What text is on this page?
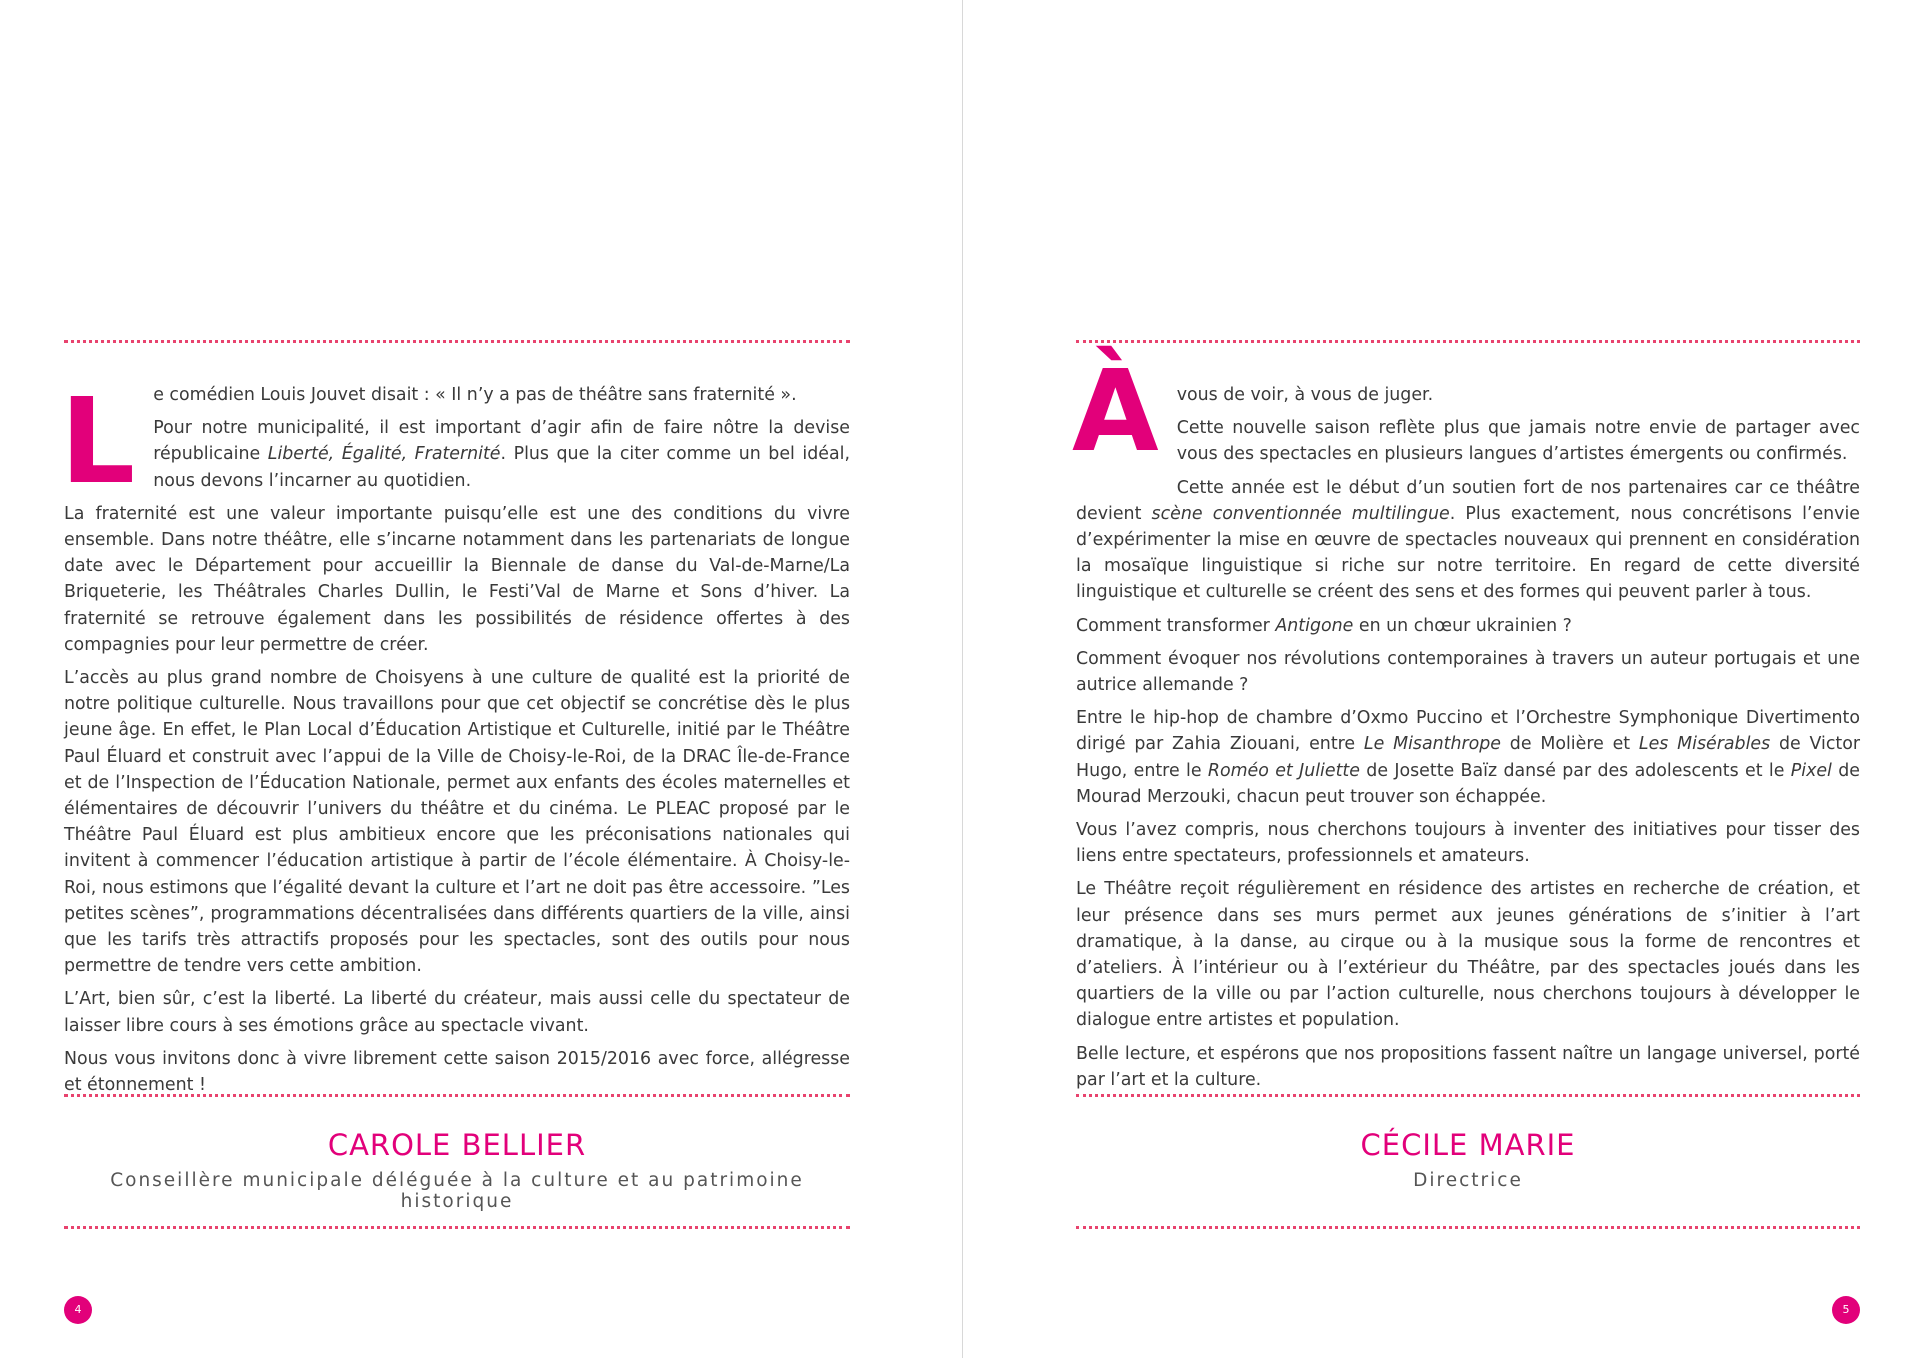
L	e comédien Louis Jouvet disait : « Il n’y a pas de théâtre sans fraternité ».

Pour notre municipalité, il est important d’agir afin de faire nôtre la devise républicaine Liberté, Égalité, Fraternité. Plus que la citer comme un bel idéal, nous devons l’incarner au quotidien.

La fraternité est une valeur importante puisqu’elle est une des conditions du vivre ensemble. Dans notre théâtre, elle s’incarne notamment dans les partenariats de longue date avec le Département pour accueillir la Biennale de danse du Val-de-Marne/La Briqueterie, les Théâtrales Charles Dullin, le Festi’Val de Marne et Sons d’hiver. La fraternité se retrouve également dans les possibilités de résidence offertes à des compagnies pour leur permettre de créer.

L’accès au plus grand nombre de Choisyens à une culture de qualité est la priorité de notre politique culturelle. Nous travaillons pour que cet objectif se concrétise dès le plus jeune âge. En effet, le Plan Local d’Éducation Artistique et Culturelle, initié par le Théâtre Paul Éluard et construit avec l’appui de la Ville de Choisy-le-Roi, de la DRAC Île-de-France et de l’Inspection de l’Éducation Nationale, permet aux enfants des écoles maternelles et élémentaires de découvrir l’univers du théâtre et du cinéma. Le PLEAC proposé par le Théâtre Paul Éluard est plus ambitieux encore que les préconisations nationales qui invitent à commencer l’éducation artistique à partir de l’école élémentaire. À Choisy-le-Roi, nous estimons que l’égalité devant la culture et l’art ne doit pas être accessoire. ”Les petites scènes”, programmations décentralisées dans différents quartiers de la ville, ainsi que les tarifs très attractifs proposés pour les spectacles, sont des outils pour nous permettre de tendre vers cette ambition.

L’Art, bien sûr, c’est la liberté. La liberté du créateur, mais aussi celle du spectateur de laisser libre cours à ses émotions grâce au spectacle vivant.

Nous vous invitons donc à vivre librement cette saison 2015/2016 avec force, allégresse et étonnement !

CAROLE BELLIER
Conseillère municipale déléguée à la culture et au patrimoine historique
4
À	vous de voir, à vous de juger.

Cette nouvelle saison reflète plus que jamais notre envie de partager avec vous des spectacles en plusieurs langues d’artistes émergents ou confirmés.

Cette année est le début d’un soutien fort de nos partenaires car ce théâtre devient scène conventionnée multilingue. Plus exactement, nous concrétisons l’envie d’expérimenter la mise en œuvre de spectacles nouveaux qui prennent en considération la mosaïque linguistique si riche sur notre territoire. En regard de cette diversité linguistique et culturelle se créent des sens et des formes qui peuvent parler à tous.

Comment transformer Antigone en un chœur ukrainien ?

Comment évoquer nos révolutions contemporaines à travers un auteur portugais et une autrice allemande ?

Entre le hip-hop de chambre d’Oxmo Puccino et l’Orchestre Symphonique Divertimento dirigé par Zahia Ziouani, entre Le Misanthrope de Molière et Les Misérables de Victor Hugo, entre le Roméo et Juliette de Josette Baïz dansé par des adolescents et le Pixel de Mourad Merzouki, chacun peut trouver son échappée.

Vous l’avez compris, nous cherchons toujours à inventer des initiatives pour tisser des liens entre spectateurs, professionnels et amateurs.

Le Théâtre reçoit régulièrement en résidence des artistes en recherche de création, et leur présence dans ses murs permet aux jeunes générations de s’initier à l’art dramatique, à la danse, au cirque ou à la musique sous la forme de rencontres et d’ateliers. À l’intérieur ou à l’extérieur du Théâtre, par des spectacles joués dans les quartiers de la ville ou par l’action culturelle, nous cherchons toujours à développer le dialogue entre artistes et population.

Belle lecture, et espérons que nos propositions fassent naître un langage universel, porté par l’art et la culture.

CÉCILE MARIE
Directrice
5
